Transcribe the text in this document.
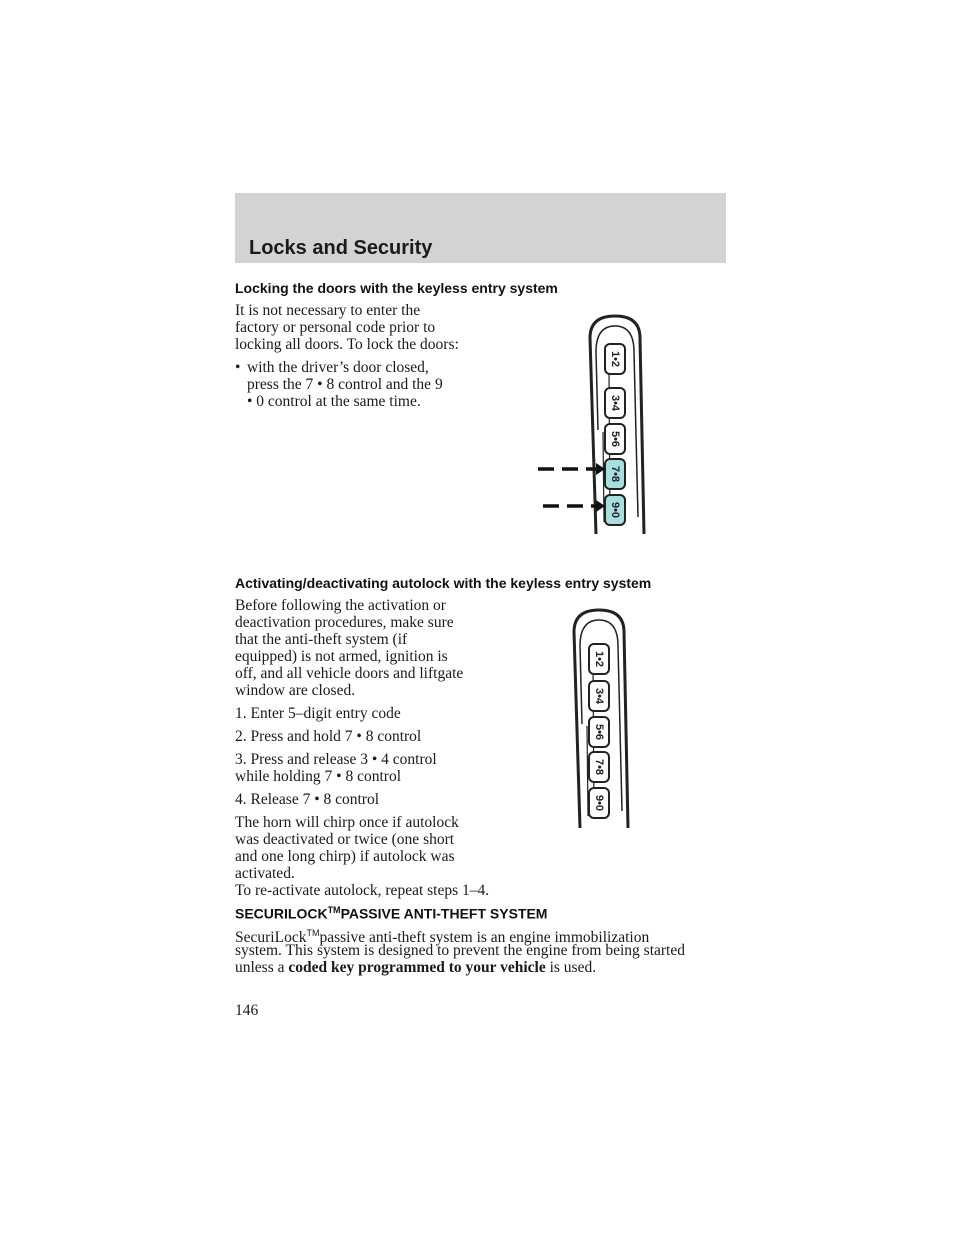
Locks and Security
Locking the doors with the keyless entry system

It is not necessary to enter the

factory or personal code prior to

locking all doors. To lock the doors:

• with the driver’s door closed,

press the 7 • 8 control and the 9

• 0 control at the same time.

1•2
3•4
5•6
7•8
9•0
Activating/deactivating autolock with the keyless entry system

Before following the activation or

deactivation procedures, make sure

that the anti-theft system (if

equipped) is not armed, ignition is

off, and all vehicle doors and liftgate

window are closed.

1. Enter 5–digit entry code

2. Press and hold 7 • 8 control

3. Press and release 3 • 4 control

while holding 7 • 8 control

4. Release 7 • 8 control

The horn will chirp once if autolock

was deactivated or twice (one short

and one long chirp) if autolock was

activated.

To re-activate autolock, repeat steps 1–4.

1•2
3•4
5•6
7•8
9•0
SECURILOCK™PASSIVE ANTI-THEFT SYSTEM

SecuriLock™passive anti-theft system is an engine immobilization

system. This system is designed to prevent the engine from being started

unless a coded key programmed to your vehicle is used.

146
